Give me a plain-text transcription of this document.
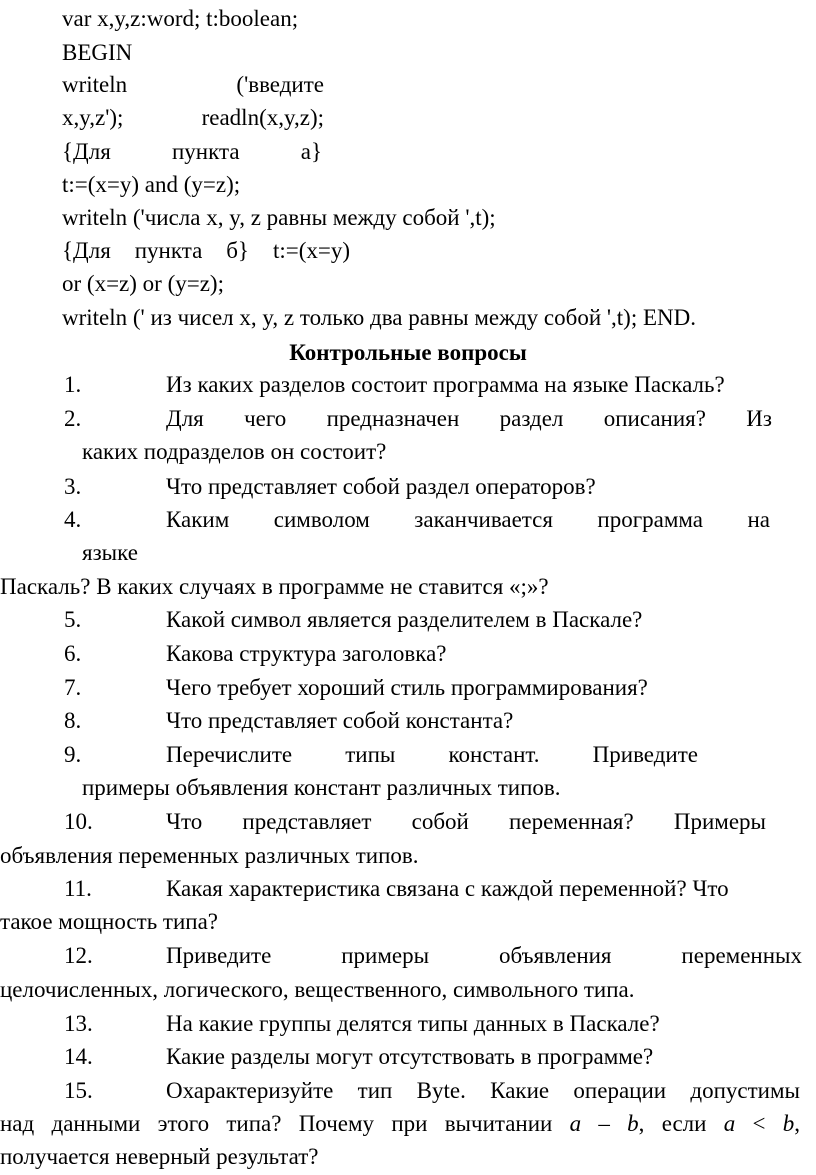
var x,y,z:word; t:boolean;
BEGIN
writeln	('введите
x,y,z');	readln(x,y,z);
{Для	пункта	а}
t:=(x=y) and (y=z);
writeln ('числа x, y, z равны между собой ',t);
{Для пункта б} t:=(x=y)
or (x=z) or (y=z);
writeln (' из чисел x, y, z только два равны между собой ',t); END.
Контрольные вопросы
1.	Из каких разделов состоит программа на языке Паскаль?
2.	Для чего предназначен раздел описания? Из
каких подразделов он состоит?
3.	Что представляет собой раздел операторов?
4.	Каким символом заканчивается программа на
языке
Паскаль? В каких случаях в программе не ставится «;»?
5.	Какой символ является разделителем в Паскале?
6.	Какова структура заголовка?
7.	Чего требует хороший стиль программирования?
8.	Что представляет собой константа?
9.	Перечислите типы констант. Приведите
примеры объявления констант различных типов.
10.	Что представляет собой переменная? Примеры
объявления переменных различных типов.
11.	Какая характеристика связана с каждой переменной? Что
такое мощность типа?
12.	Приведите примеры объявления переменных
целочисленных, логического, вещественного, символьного типа.
13.	На какие группы делятся типы данных в Паскале?
14.	Какие разделы могут отсутствовать в программе?
15.	Охарактеризуйте тип Byte. Какие операции допустимы
над данными этого типа? Почему при вычитании a – b, если a < b,
получается неверный результат?
